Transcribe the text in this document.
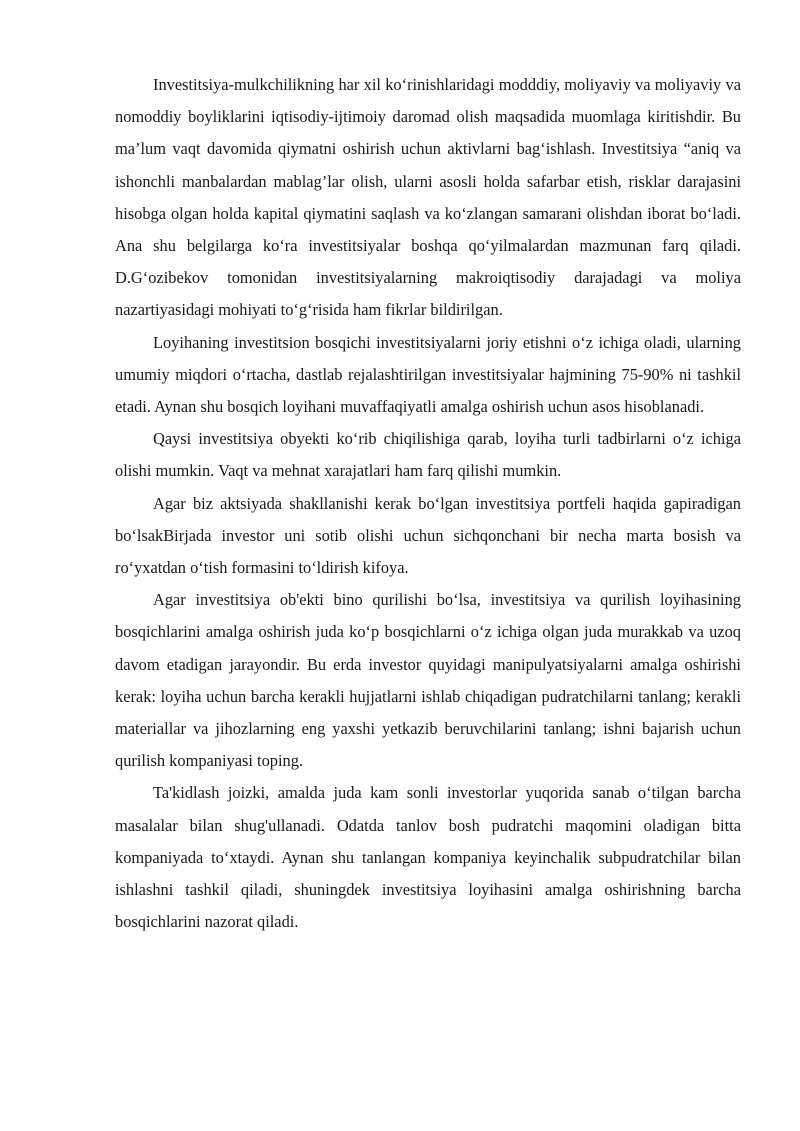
Investitsiya-mulkchilikning har xil ko‘rinishlaridagi modddiy, moliyaviy va moliyaviy va nomoddiy boyliklarini iqtisodiy-ijtimoiy daromad olish maqsadida muomlaga kiritishdir. Bu ma’lum vaqt davomida qiymatni oshirish uchun aktivlarni bag‘ishlash. Investitsiya “aniq va ishonchli manbalardan mablag’lar olish, ularni asosli holda safarbar etish, risklar darajasini hisobga olgan holda kapital qiymatini saqlash va ko‘zlangan samarani olishdan iborat bo‘ladi. Ana shu belgilarga ko‘ra investitsiyalar boshqa qo‘yilmalardan mazmunan farq qiladi. D.G‘ozibekov tomonidan investitsiyalarning makroiqtisodiy darajadagi va moliya nazartiyasidagi mohiyati to‘g‘risida ham fikrlar bildirilgan.

Loyihaning investitsion bosqichi investitsiyalarni joriy etishni o‘z ichiga oladi, ularning umumiy miqdori o‘rtacha, dastlab rejalashtirilgan investitsiyalar hajmining 75-90% ni tashkil etadi. Aynan shu bosqich loyihani muvaffaqiyatli amalga oshirish uchun asos hisoblanadi.

Qaysi investitsiya obyekti ko‘rib chiqilishiga qarab, loyiha turli tadbirlarni o‘z ichiga olishi mumkin. Vaqt va mehnat xarajatlari ham farq qilishi mumkin.

Agar biz aktsiyada shakllanishi kerak bo‘lgan investitsiya portfeli haqida gapiradigan bo‘lsakBirjada investor uni sotib olishi uchun sichqonchani bir necha marta bosish va ro‘yxatdan o‘tish formasini to‘ldirish kifoya.

Agar investitsiya ob'ekti bino qurilishi bo‘lsa, investitsiya va qurilish loyihasining bosqichlarini amalga oshirish juda ko‘p bosqichlarni o‘z ichiga olgan juda murakkab va uzoq davom etadigan jarayondir. Bu erda investor quyidagi manipulyatsiyalarni amalga oshirishi kerak: loyiha uchun barcha kerakli hujjatlarni ishlab chiqadigan pudratchilarni tanlang; kerakli materiallar va jihozlarning eng yaxshi yetkazib beruvchilarini tanlang; ishni bajarish uchun qurilish kompaniyasi toping.

Ta'kidlash joizki, amalda juda kam sonli investorlar yuqorida sanab o‘tilgan barcha masalalar bilan shug'ullanadi. Odatda tanlov bosh pudratchi maqomini oladigan bitta kompaniyada to‘xtaydi. Aynan shu tanlangan kompaniya keyinchalik subpudratchilar bilan ishlashni tashkil qiladi, shuningdek investitsiya loyihasini amalga oshirishning barcha bosqichlarini nazorat qiladi.
